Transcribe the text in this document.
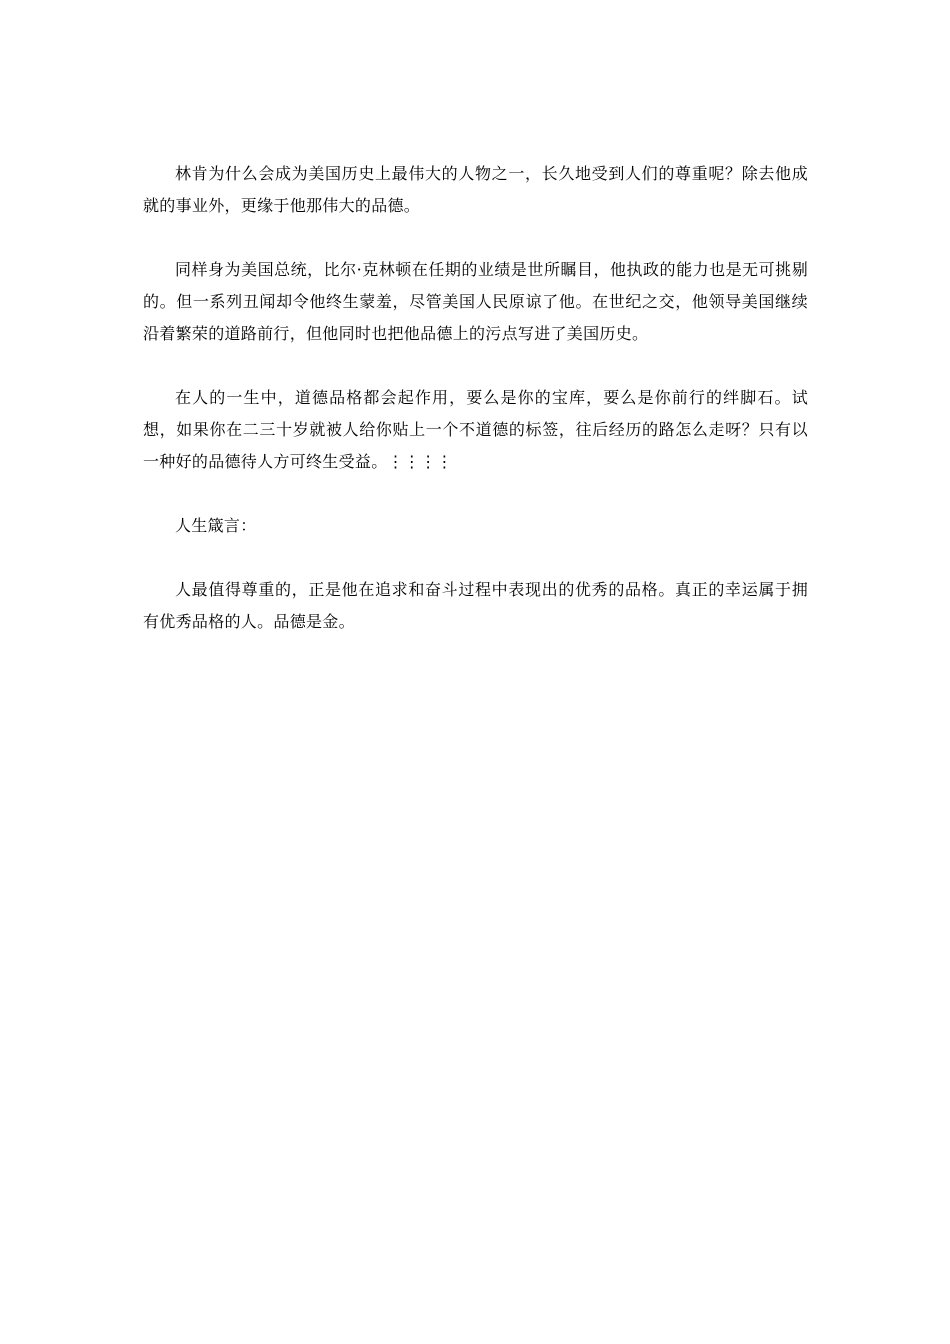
林肯为什么会成为美国历史上最伟大的人物之一，长久地受到人们的尊重呢？除去他成就的事业外，更缘于他那伟大的品德。

同样身为美国总统，比尔·克林顿在任期的业绩是世所瞩目，他执政的能力也是无可挑剔的。但一系列丑闻却令他终生蒙羞，尽管美国人民原谅了他。在世纪之交，他领导美国继续沿着繁荣的道路前行，但他同时也把他品德上的污点写进了美国历史。

在人的一生中，道德品格都会起作用，要么是你的宝库，要么是你前行的绊脚石。试想，如果你在二三十岁就被人给你贴上一个不道德的标签，往后经历的路怎么走呀？只有以一种好的品德待人方可终生受益。⋮⋮⋮⋮

人生箴言：

人最值得尊重的，正是他在追求和奋斗过程中表现出的优秀的品格。真正的幸运属于拥有优秀品格的人。品德是金。
